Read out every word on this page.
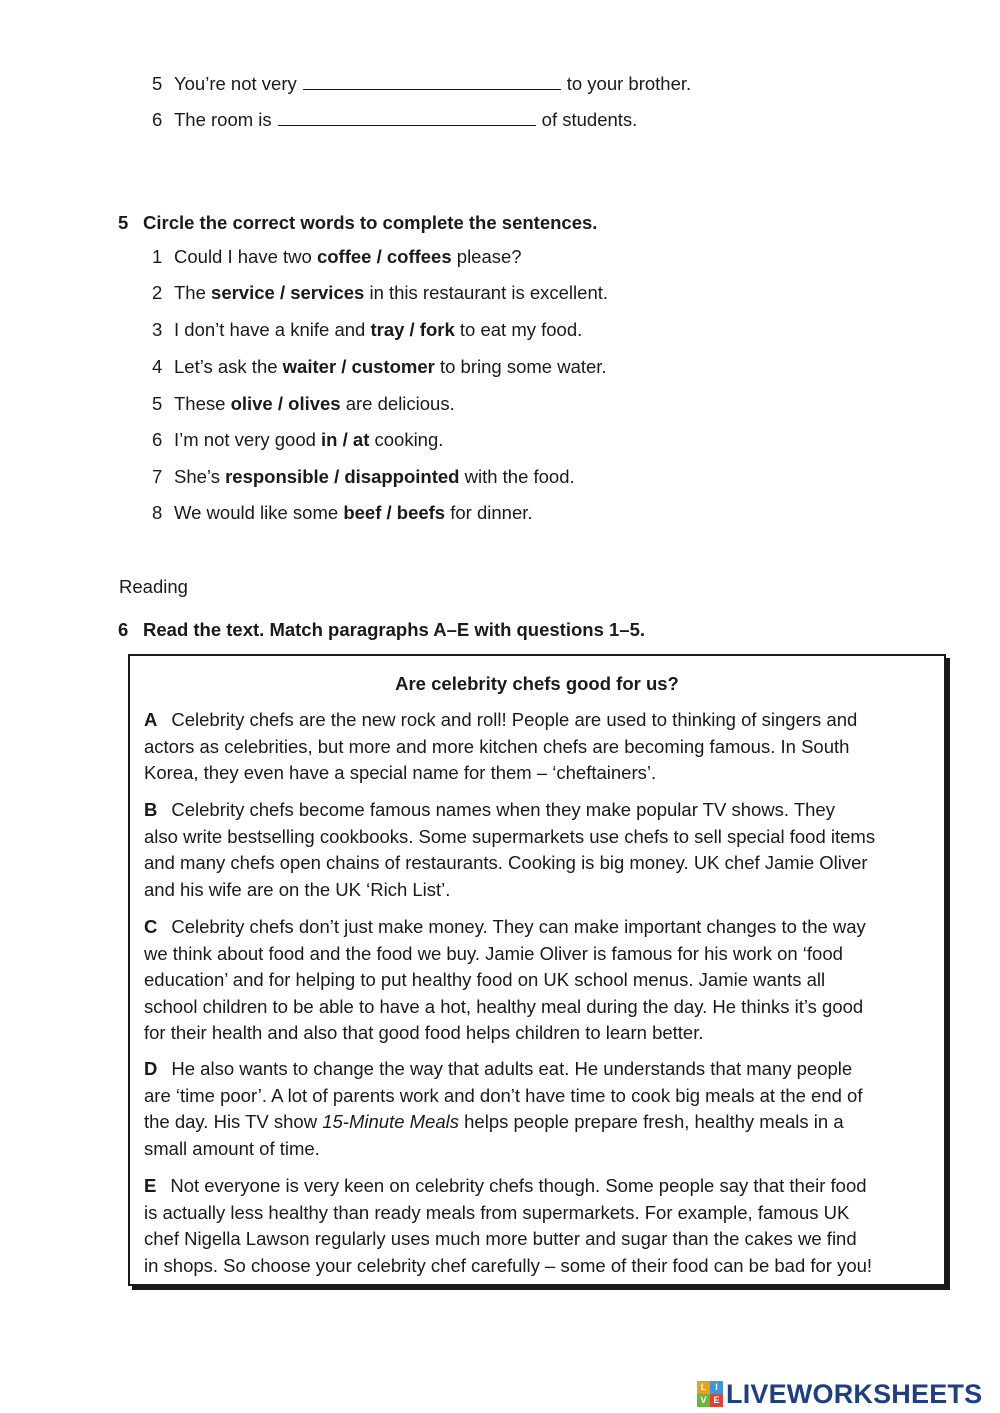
5 You’re not very	to your brother.
6 The room is	of students.
5 Circle the correct words to complete the sentences.
1 Could I have two coffee / coffees please?
2 The service / services in this restaurant is excellent.
3 I don’t have a knife and tray / fork to eat my food.
4 Let’s ask the waiter / customer to bring some water.
5 These olive / olives are delicious.
6 I’m not very good in / at cooking.
7 She’s responsible / disappointed with the food.
8 We would like some beef / beefs for dinner.
Reading
6 Read the text. Match paragraphs A–E with questions 1–5.
Are celebrity chefs good for us?
A Celebrity chefs are the new rock and roll! People are used to thinking of singers and
actors as celebrities, but more and more kitchen chefs are becoming famous. In South
Korea, they even have a special name for them – ‘cheftainers’.
B Celebrity chefs become famous names when they make popular TV shows. They
also write bestselling cookbooks. Some supermarkets use chefs to sell special food items
and many chefs open chains of restaurants. Cooking is big money. UK chef Jamie Oliver
and his wife are on the UK ‘Rich List’.
C Celebrity chefs don’t just make money. They can make important changes to the way
we think about food and the food we buy. Jamie Oliver is famous for his work on ‘food
education’ and for helping to put healthy food on UK school menus. Jamie wants all
school children to be able to have a hot, healthy meal during the day. He thinks it’s good
for their health and also that good food helps children to learn better.
D He also wants to change the way that adults eat. He understands that many people
are ‘time poor’. A lot of parents work and don’t have time to cook big meals at the end of
the day. His TV show 15-Minute Meals helps people prepare fresh, healthy meals in a
small amount of time.
E Not everyone is very keen on celebrity chefs though. Some people say that their food
is actually less healthy than ready meals from supermarkets. For example, famous UK
chef Nigella Lawson regularly uses much more butter and sugar than the cakes we find
in shops. So choose your celebrity chef carefully – some of their food can be bad for you!
L I
V E LIVEWORKSHEETS
